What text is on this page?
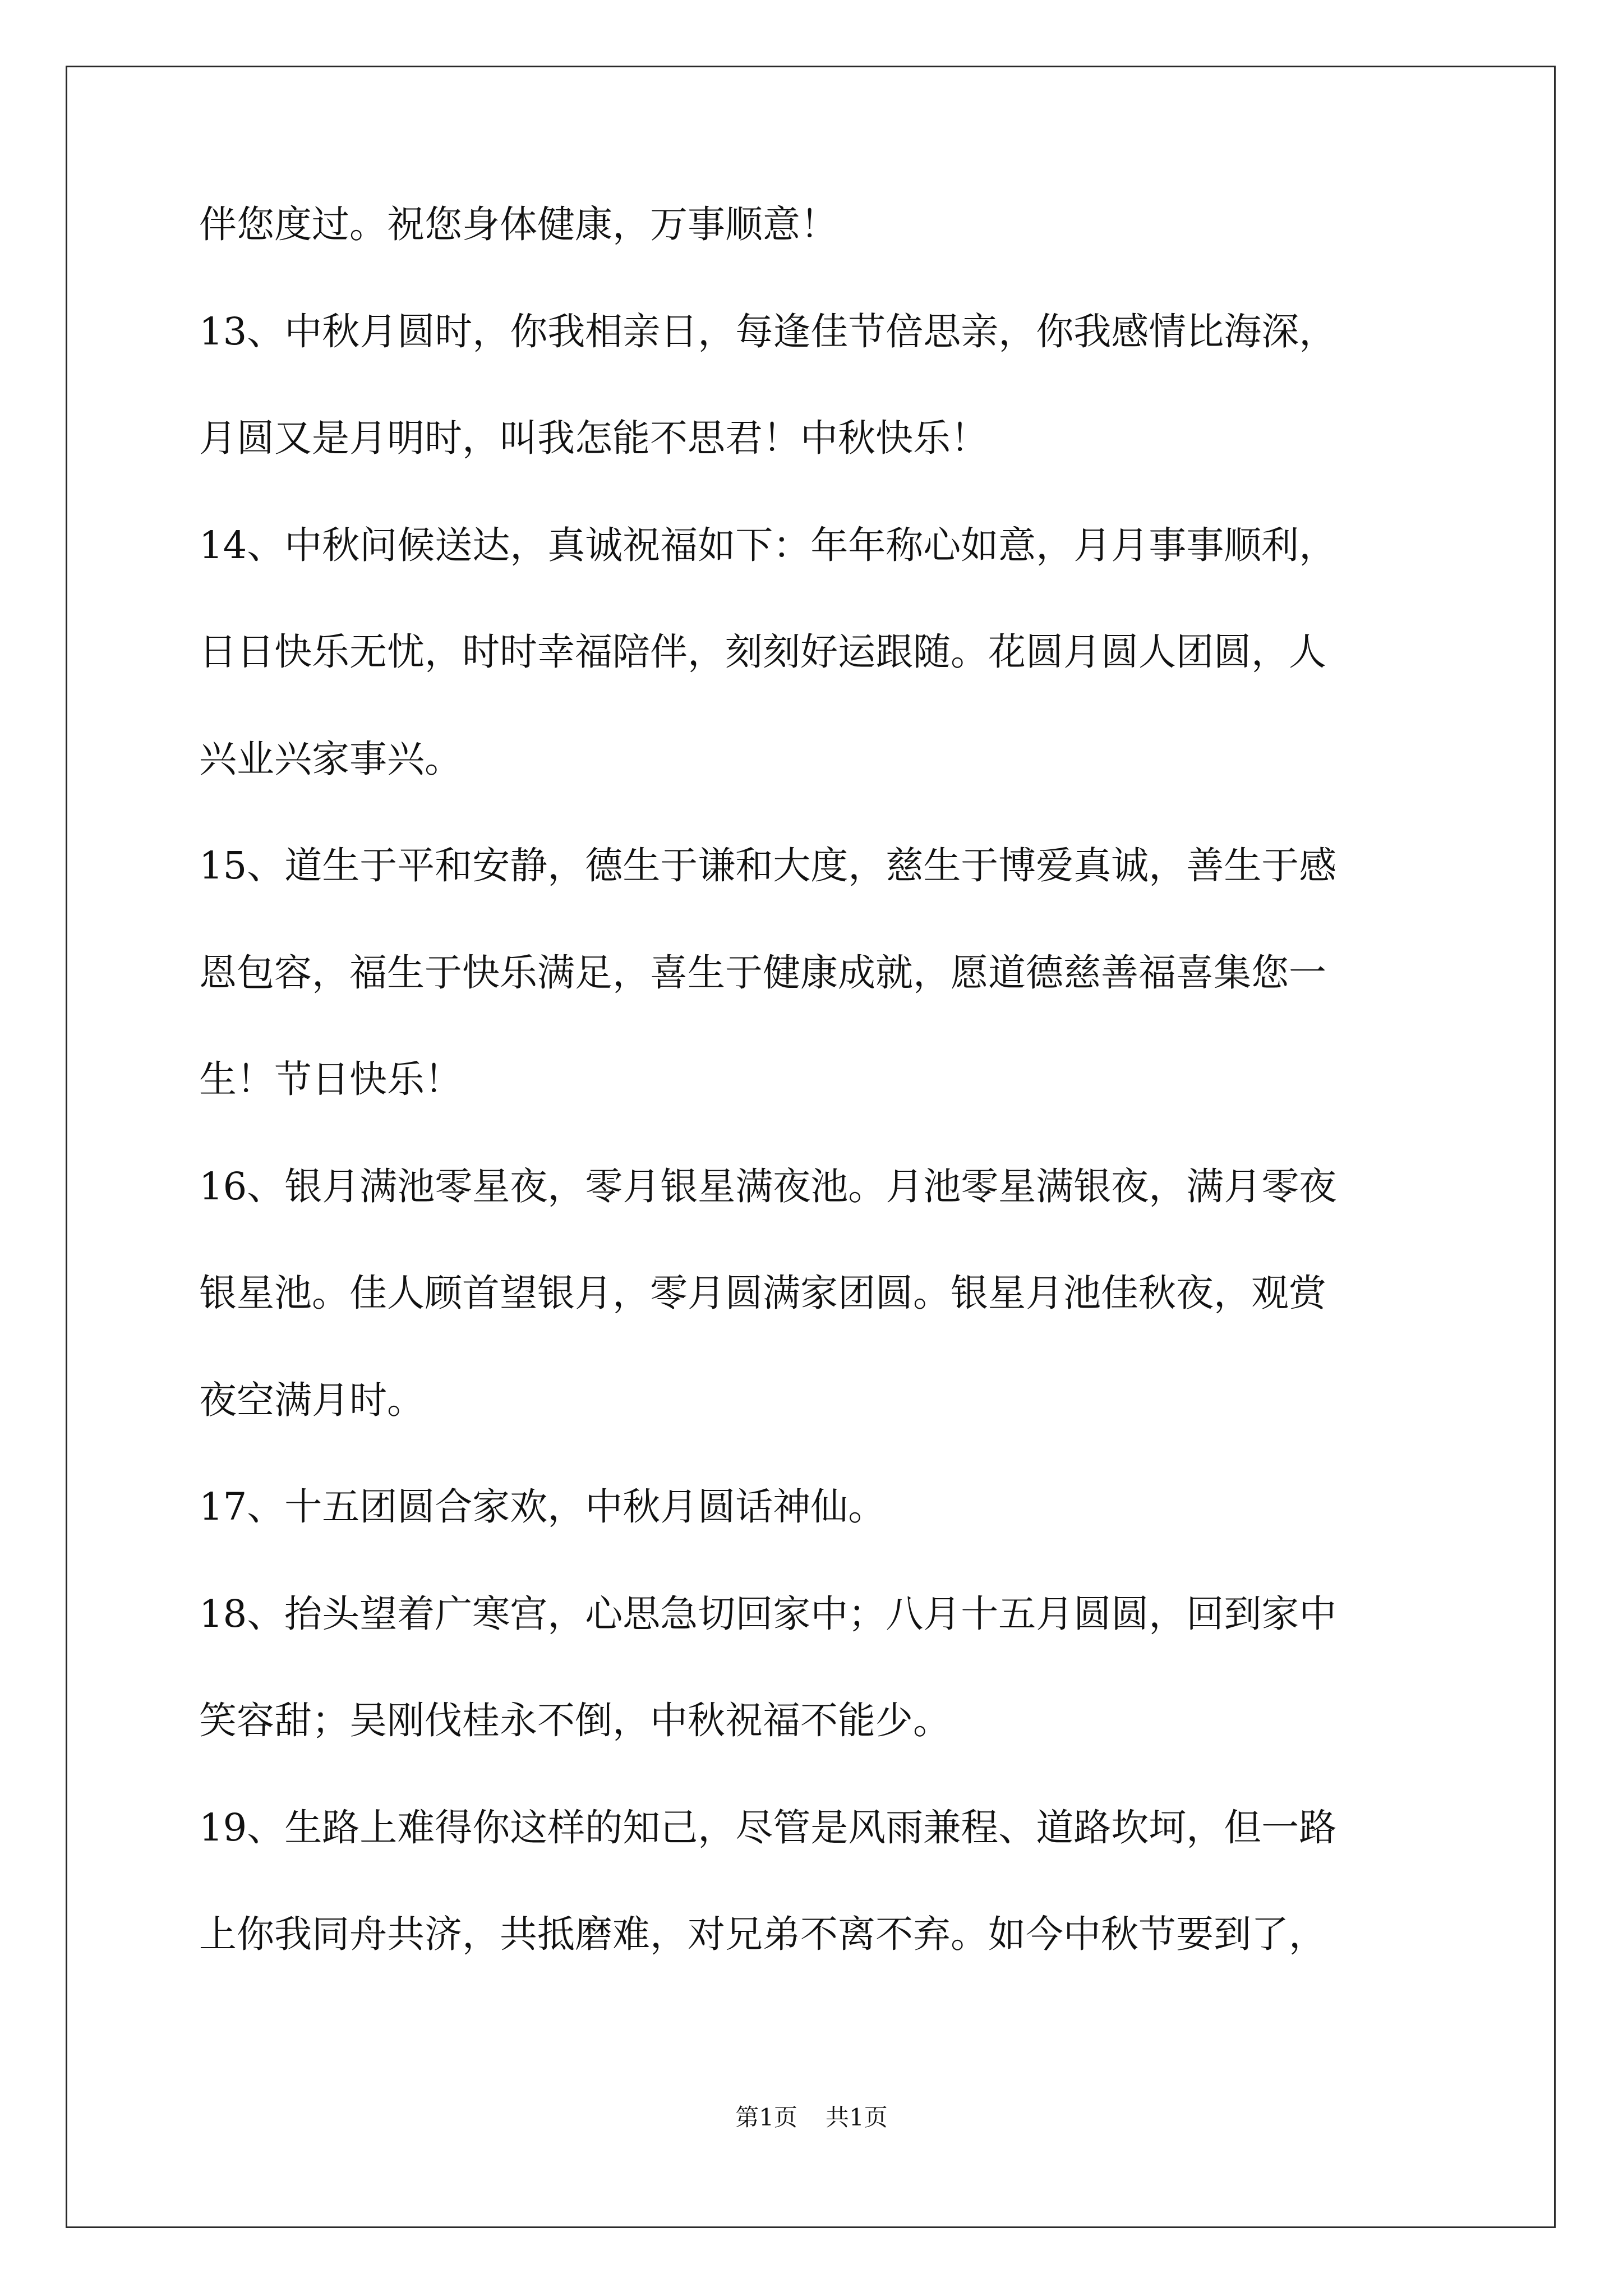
伴您度过。祝您身体健康，万事顺意！
13、中秋月圆时，你我相亲日，每逢佳节倍思亲，你我感情比海深，
月圆又是月明时，叫我怎能不思君！中秋快乐！
14、中秋问候送达，真诚祝福如下：年年称心如意，月月事事顺利，
日日快乐无忧，时时幸福陪伴，刻刻好运跟随。花圆月圆人团圆，人
兴业兴家事兴。
15、道生于平和安静，德生于谦和大度，慈生于博爱真诚，善生于感
恩包容，福生于快乐满足，喜生于健康成就，愿道德慈善福喜集您一
生！节日快乐！
16、银月满池零星夜，零月银星满夜池。月池零星满银夜，满月零夜
银星池。佳人顾首望银月，零月圆满家团圆。银星月池佳秋夜，观赏
夜空满月时。
17、十五团圆合家欢，中秋月圆话神仙。
18、抬头望着广寒宫，心思急切回家中；八月十五月圆圆，回到家中
笑容甜；吴刚伐桂永不倒，中秋祝福不能少。
19、生路上难得你这样的知己，尽管是风雨兼程、道路坎坷，但一路
上你我同舟共济，共抵磨难，对兄弟不离不弃。如今中秋节要到了，
第1页 共1页
